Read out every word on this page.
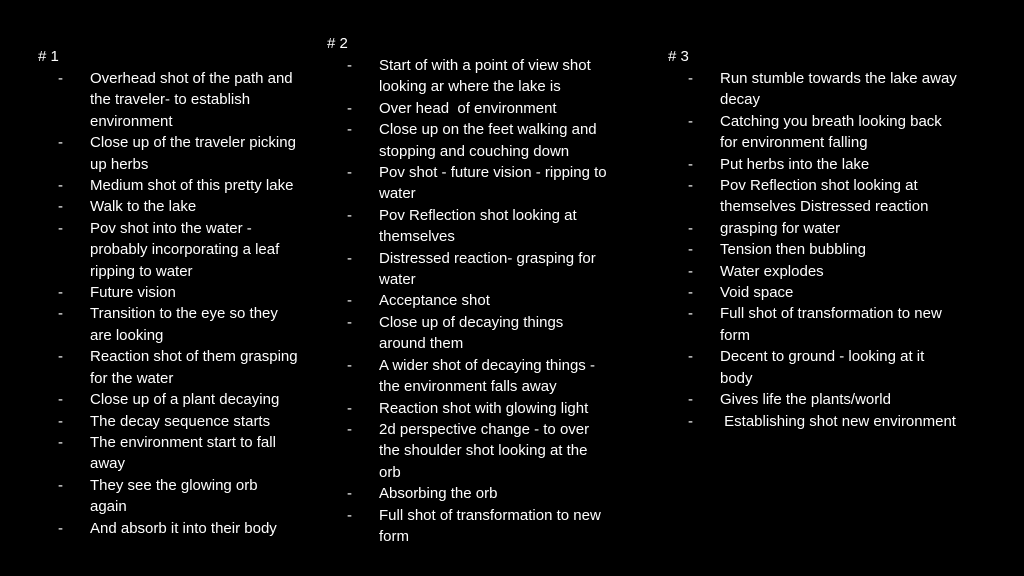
# 1
- Overhead shot of the path and the traveler- to establish environment
- Close up of the traveler picking up herbs
- Medium shot of this pretty lake
- Walk to the lake
- Pov shot into the water - probably incorporating a leaf ripping to water
- Future vision
- Transition to the eye so they are looking
- Reaction shot of them grasping for the water
- Close up of a plant decaying
- The decay sequence starts
- The environment start to fall away
- They see the glowing orb again
- And absorb it into their body
# 2
- Start of with a point of view shot looking ar where the lake is
- Over head  of environment
- Close up on the feet walking and stopping and couching down
- Pov shot - future vision - ripping to water
- Pov Reflection shot looking at themselves
- Distressed reaction- grasping for water
- Acceptance shot
- Close up of decaying things around them
- A wider shot of decaying things - the environment falls away
- Reaction shot with glowing light
- 2d perspective change - to over the shoulder shot looking at the orb
- Absorbing the orb
- Full shot of transformation to new form
# 3
- Run stumble towards the lake away decay
- Catching you breath looking back for environment falling
- Put herbs into the lake
- Pov Reflection shot looking at themselves Distressed reaction
- grasping for water
- Tension then bubbling
- Water explodes
- Void space
- Full shot of transformation to new form
- Decent to ground - looking at it body
- Gives life the plants/world
- Establishing shot new environment
